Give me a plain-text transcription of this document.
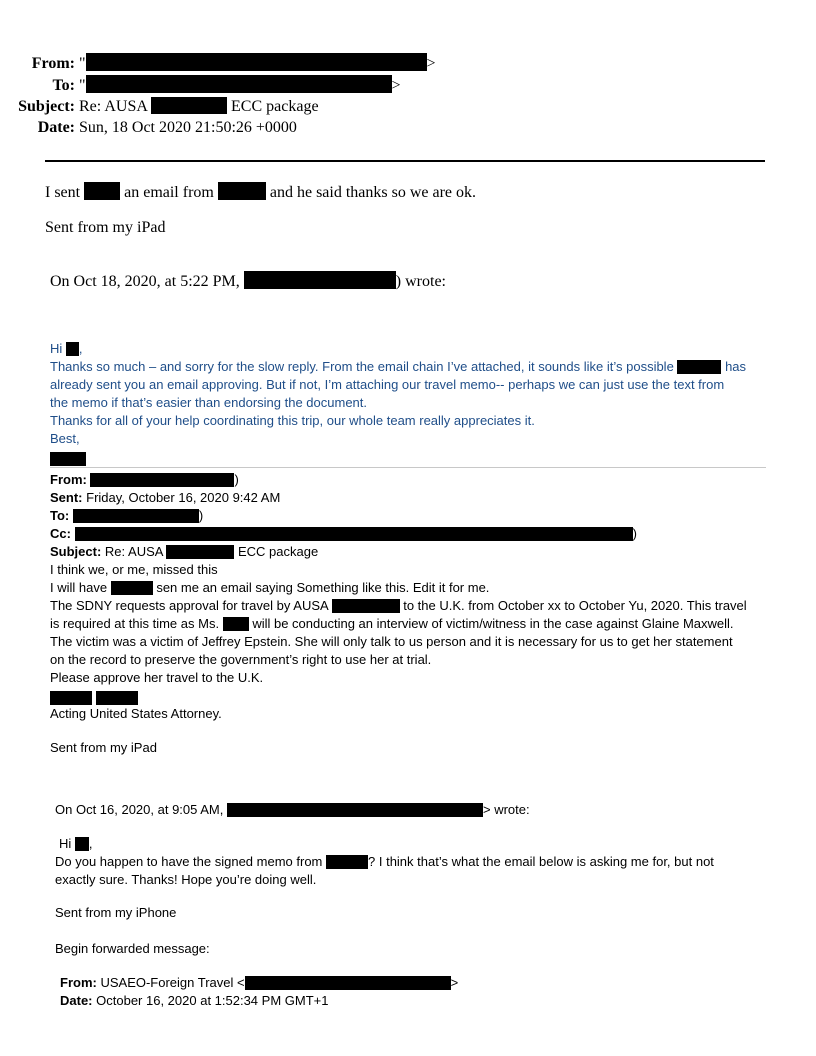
From: "	>
To: "	>
Subject: Re: AUSA	ECC package
Date: Sun, 18 Oct 2020 21:50:26 +0000
I sent	an email from	and he said thanks so we are ok.
Sent from my iPad
On Oct 18, 2020, at 5:22 PM,	) wrote:
Hi ,
Thanks so much – and sorry for the slow reply. From the email chain I’ve attached, it sounds like it’s possible	has
already sent you an email approving. But if not, I’m attaching our travel memo-- perhaps we can just use the text from
the memo if that’s easier than endorsing the document.
Thanks for all of your help coordinating this trip, our whole team really appreciates it.
Best,
From:	)
Sent: Friday, October 16, 2020 9:42 AM
To:	)
Cc:	)
Subject: Re: AUSA	ECC package
I think we, or me, missed this
I will have	sen me an email saying Something like this. Edit it for me.
The SDNY requests approval for travel by AUSA	to the U.K. from October xx to October Yu, 2020. This travel
is required at this time as Ms.	will be conducting an interview of victim/witness in the case against Glaine Maxwell.
The victim was a victim of Jeffrey Epstein. She will only talk to us person and it is necessary for us to get her statement
on the record to preserve the government’s right to use her at trial.
Please approve her travel to the U.K.

Acting United States Attorney.
Sent from my iPad
On Oct 16, 2020, at 9:05 AM,	> wrote:
Hi ,
Do you happen to have the signed memo from	? I think that’s what the email below is asking me for, but not
exactly sure. Thanks! Hope you’re doing well.
Sent from my iPhone
Begin forwarded message:
From: USAEO-Foreign Travel <	>
Date: October 16, 2020 at 1:52:34 PM GMT+1
